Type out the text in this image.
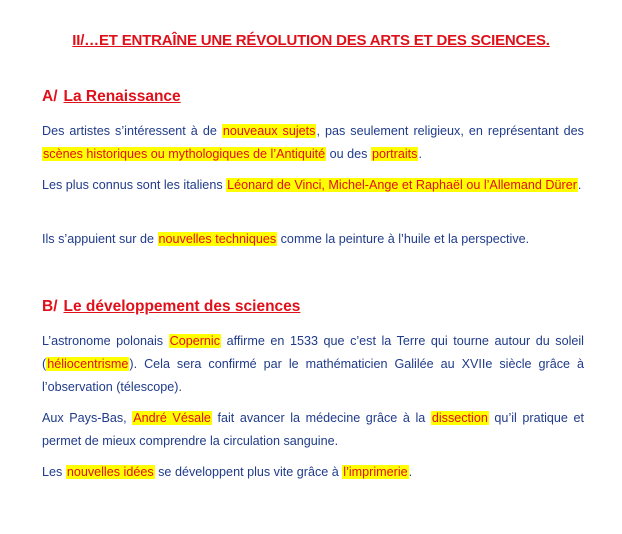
II/…ET ENTRAÎNE UNE RÉVOLUTION DES ARTS ET DES SCIENCES.
A/ La Renaissance
Des artistes s’intéressent à de nouveaux sujets, pas seulement religieux, en représentant des scènes historiques ou mythologiques de l’Antiquité ou des portraits.
Les plus connus sont les italiens Léonard de Vinci, Michel-Ange et Raphaël ou l’Allemand Dürer.
Ils s’appuient sur de nouvelles techniques comme la peinture à l’huile et la perspective.
B/ Le développement des sciences
L’astronome polonais Copernic affirme en 1533 que c’est la Terre qui tourne autour du soleil (héliocentrisme). Cela sera confirmé par le mathématicien Galilée au XVIIe siècle grâce à l’observation (télescope).
Aux Pays-Bas, André Vésale fait avancer la médecine grâce à la dissection qu’il pratique et permet de mieux comprendre la circulation sanguine.
Les nouvelles idées se développent plus vite grâce à l’imprimerie.
